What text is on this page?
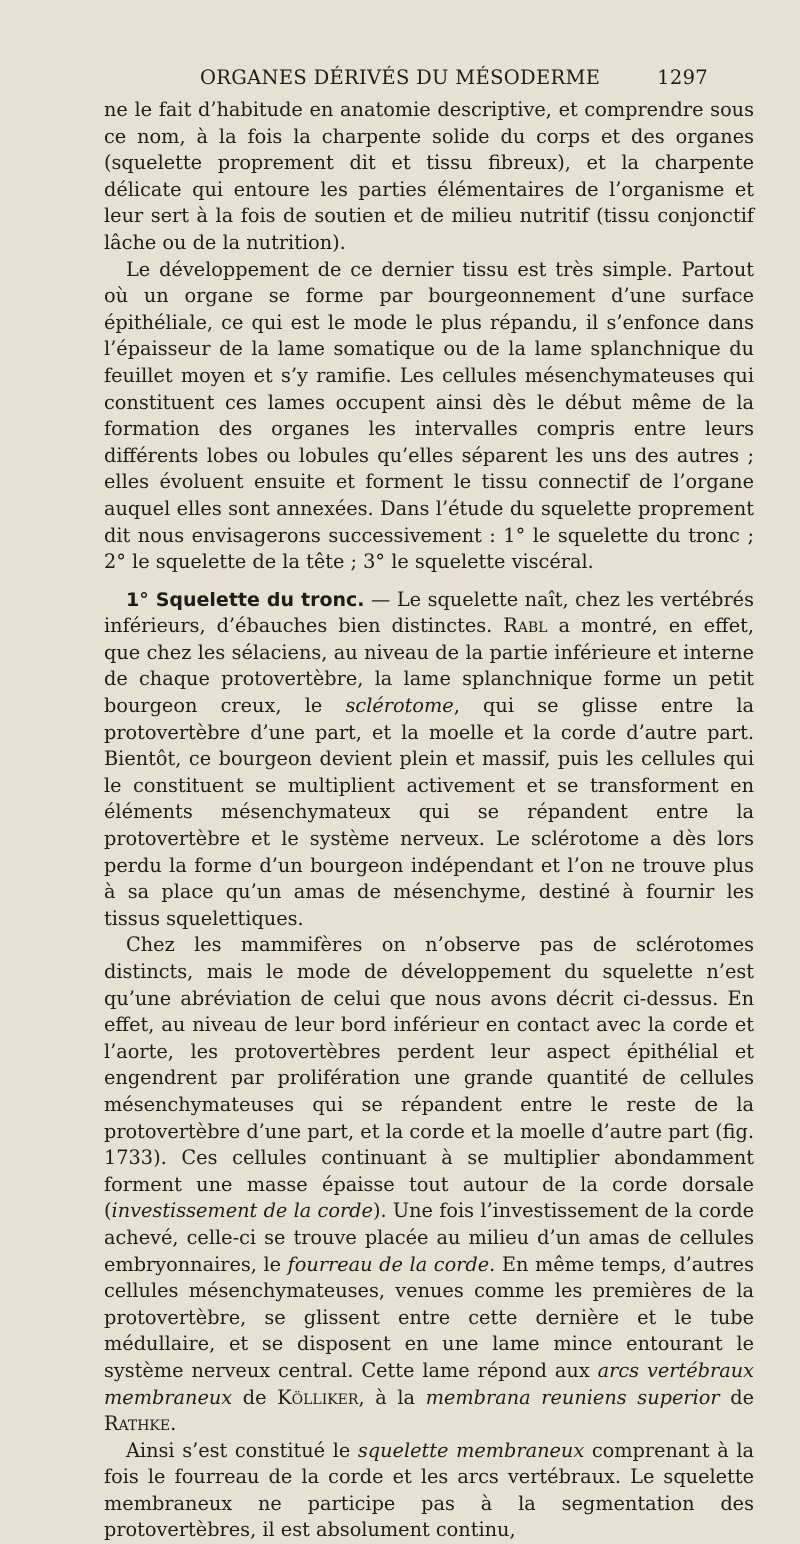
ORGANES DÉRIVÉS DU MÉSODERME	1297

ne le fait d’habitude en anatomie descriptive, et comprendre sous ce nom, à la fois la charpente solide du corps et des organes (squelette proprement dit et tissu fibreux), et la charpente délicate qui entoure les parties élémentaires de l’organisme et leur sert à la fois de soutien et de milieu nutritif (tissu conjonctif lâche ou de la nutrition).

Le développement de ce dernier tissu est très simple. Partout où un organe se forme par bourgeonnement d’une surface épithéliale, ce qui est le mode le plus répandu, il s’enfonce dans l’épaisseur de la lame somatique ou de la lame splanchnique du feuillet moyen et s’y ramifie. Les cellules mésenchymateuses qui constituent ces lames occupent ainsi dès le début même de la formation des organes les intervalles compris entre leurs différents lobes ou lobules qu’elles séparent les uns des autres ; elles évoluent ensuite et forment le tissu connectif de l’organe auquel elles sont annexées. Dans l’étude du squelette proprement dit nous envisagerons successivement : 1° le squelette du tronc ; 2° le squelette de la tête ; 3° le squelette viscéral.

1° Squelette du tronc. — Le squelette naît, chez les vertébrés inférieurs, d’ébauches bien distinctes. Rabl a montré, en effet, que chez les sélaciens, au niveau de la partie inférieure et interne de chaque protovertèbre, la lame splanchnique forme un petit bourgeon creux, le sclérotome, qui se glisse entre la protovertèbre d’une part, et la moelle et la corde d’autre part. Bientôt, ce bourgeon devient plein et massif, puis les cellules qui le constituent se multiplient activement et se transforment en éléments mésenchymateux qui se répandent entre la protovertèbre et le système nerveux. Le sclérotome a dès lors perdu la forme d’un bourgeon indépendant et l’on ne trouve plus à sa place qu’un amas de mésenchyme, destiné à fournir les tissus squelettiques.

Chez les mammifères on n’observe pas de sclérotomes distincts, mais le mode de développement du squelette n’est qu’une abréviation de celui que nous avons décrit ci-dessus. En effet, au niveau de leur bord inférieur en contact avec la corde et l’aorte, les protovertèbres perdent leur aspect épithélial et engendrent par prolifération une grande quantité de cellules mésenchymateuses qui se répandent entre le reste de la protovertèbre d’une part, et la corde et la moelle d’autre part (fig. 1733). Ces cellules continuant à se multiplier abondamment forment une masse épaisse tout autour de la corde dorsale (investissement de la corde). Une fois l’investissement de la corde achevé, celle-ci se trouve placée au milieu d’un amas de cellules embryonnaires, le fourreau de la corde. En même temps, d’autres cellules mésenchymateuses, venues comme les premières de la protovertèbre, se glissent entre cette dernière et le tube médullaire, et se disposent en une lame mince entourant le système nerveux central. Cette lame répond aux arcs vertébraux membraneux de Kölliker, à la membrana reuniens superior de Rathke.

Ainsi s’est constitué le squelette membraneux comprenant à la fois le fourreau de la corde et les arcs vertébraux. Le squelette membraneux ne participe pas à la segmentation des protovertèbres, il est absolument continu,
